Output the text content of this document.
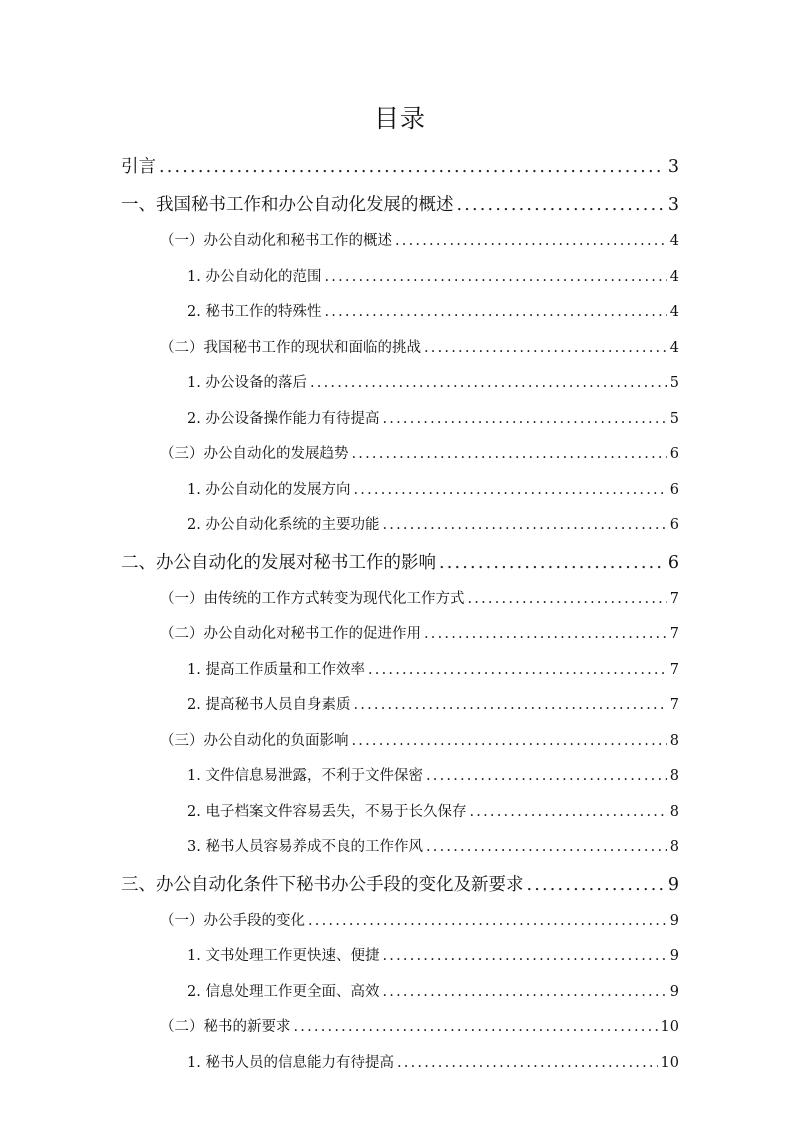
目录
引言 .....	3
一、我国秘书工作和办公自动化发展的概述 .....	3
（一）办公自动化和秘书工作的概述 .....	4
1. 办公自动化的范围 .....	4
2. 秘书工作的特殊性 .....	4
（二）我国秘书工作的现状和面临的挑战 .....	4
1. 办公设备的落后 .....	5
2. 办公设备操作能力有待提高 .....	5
（三）办公自动化的发展趋势 .....	6
1. 办公自动化的发展方向 .....	6
2. 办公自动化系统的主要功能 .....	6
二、办公自动化的发展对秘书工作的影响 .....	6
（一）由传统的工作方式转变为现代化工作方式 .....	7
（二）办公自动化对秘书工作的促进作用 .....	7
1. 提高工作质量和工作效率 .....	7
2. 提高秘书人员自身素质 .....	7
（三）办公自动化的负面影响 .....	8
1. 文件信息易泄露，不利于文件保密 .....	8
2. 电子档案文件容易丢失，不易于长久保存 .....	8
3. 秘书人员容易养成不良的工作作风 .....	8
三、办公自动化条件下秘书办公手段的变化及新要求 .....	9
（一）办公手段的变化 .....	9
1. 文书处理工作更快速、便捷 .....	9
2. 信息处理工作更全面、高效 .....	9
（二）秘书的新要求 .....	10
1. 秘书人员的信息能力有待提高 .....	10
